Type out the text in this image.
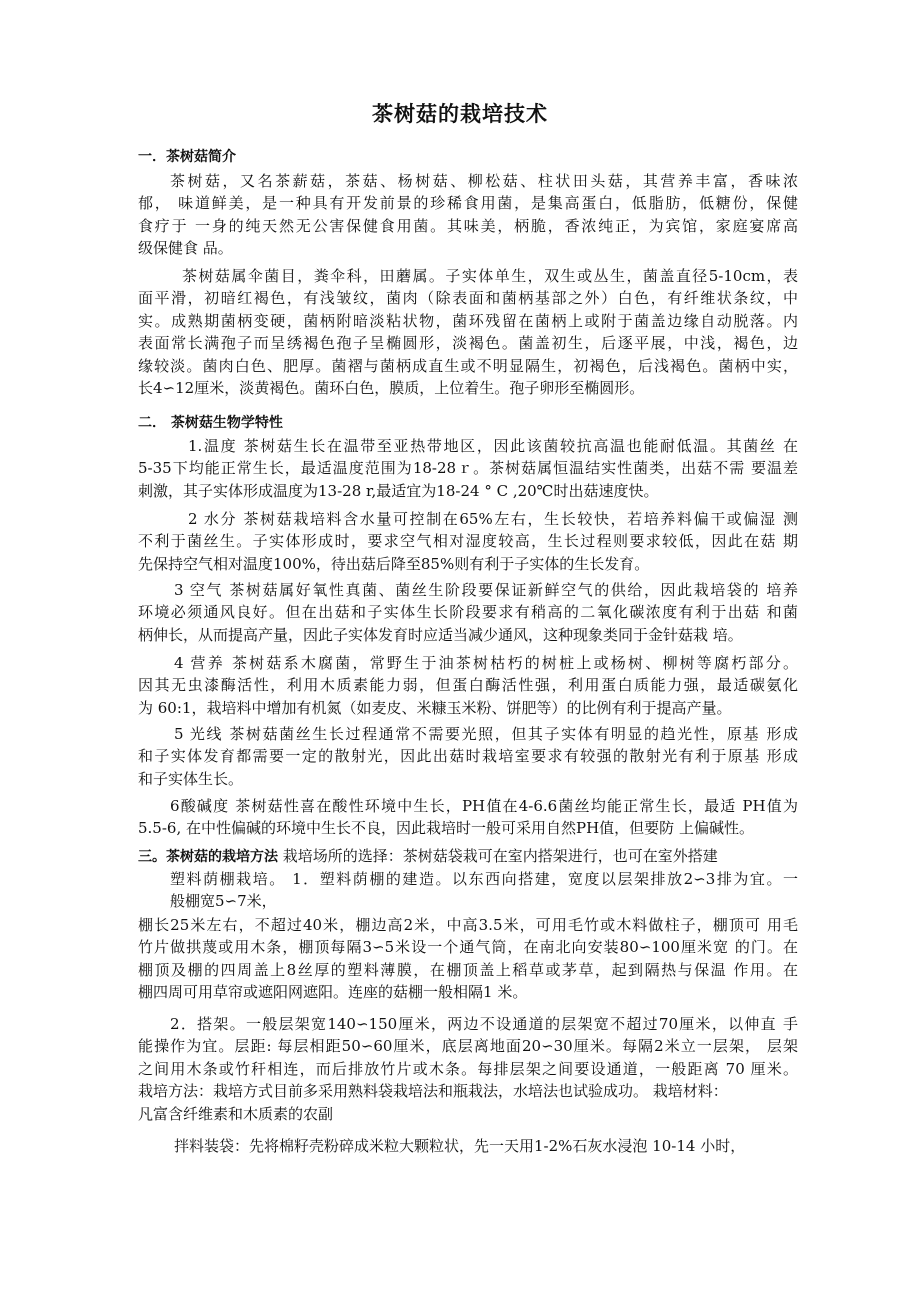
茶树菇的栽培技术
一．茶树菇简介
茶树菇，又名茶薪菇，茶菇、杨树菇、柳松菇、柱状田头菇，其营养丰富，香味浓
郁， 味道鲜美，是一种具有开发前景的珍稀食用菌，是集高蛋白，低脂肪，低糖份，保健
食疗于 一身的纯天然无公害保健食用菌。其味美，柄脆，香浓纯正，为宾馆，家庭宴席高
级保健食 品。
茶树菇属伞菌目，粪伞科，田蘑属。子实体单生，双生或丛生，菌盖直径5-10cm，表
面平滑，初暗红褐色，有浅皱纹，菌肉（除表面和菌柄基部之外）白色，有纤维状条纹，中
实。成熟期菌柄变硬，菌柄附暗淡粘状物，菌环残留在菌柄上或附于菌盖边缘自动脱落。内
表面常长满孢子而呈绣褐色孢子呈椭圆形，淡褐色。菌盖初生，后逐平展，中浅，褐色，边
缘较淡。菌肉白色、肥厚。菌褶与菌柄成直生或不明显隔生，初褐色，后浅褐色。菌柄中实，
长4∽12厘米，淡黄褐色。菌环白色，膜质，上位着生。孢子卵形至椭圆形。
二． 茶树菇生物学特性
1.温度 茶树菇生长在温带至亚热带地区，因此该菌较抗高温也能耐低温。其菌丝 在
5-35下均能正常生长，最适温度范围为18-28ｒ。茶树菇属恒温结实性菌类，出菇不需 要温差
刺激，其子实体形成温度为13-28 r,最适宜为18-24 ° C ,20℃时出菇速度快。
2 水分 茶树菇栽培料含水量可控制在65%左右，生长较快，若培养料偏干或偏湿 测
不利于菌丝生。子实体形成时，要求空气相对湿度较高，生长过程则要求较低，因此在菇 期
先保持空气相对温度100%，待出菇后降至85%则有利于子实体的生长发育。
3 空气 茶树菇属好氧性真菌、菌丝生阶段要保证新鲜空气的供给，因此栽培袋的 培养
环境必须通风良好。但在出菇和子实体生长阶段要求有稍高的二氧化碳浓度有利于出菇 和菌
柄伸长，从而提高产量，因此子实体发育时应适当减少通风，这种现象类同于金针菇栽 培。
4 营养 茶树菇系木腐菌，常野生于油茶树枯朽的树桩上或杨树、柳树等腐朽部分。
因其无虫漆酶活性，利用木质素能力弱，但蛋白酶活性强，利用蛋白质能力强，最适碳氨化
为 60:1，栽培料中增加有机氮（如麦皮、米糠玉米粉、饼肥等）的比例有利于提高产量。
5 光线 茶树菇菌丝生长过程通常不需要光照，但其子实体有明显的趋光性，原基 形成
和子实体发育都需要一定的散射光，因此出菇时栽培室要求有较强的散射光有利于原基 形成
和子实体生长。
6酸碱度 茶树菇性喜在酸性环境中生长，PH值在4-6.6菌丝均能正常生长，最适 PH值为
5.5-6, 在中性偏碱的环境中生长不良，因此栽培时一般可采用自然PH值，但要防 上偏碱性。
三。茶树菇的栽培方法 栽培场所的选择：茶树菇袋栽可在室内搭架进行，也可在室外搭建
塑料荫棚栽培。 1．塑料荫棚的建造。以东西向搭建，宽度以层架排放2∽3排为宜。一
般棚宽5∽7米，
棚长25米左右，不超过40米，棚边高2米，中高3.5米，可用毛竹或木料做柱子，棚顶可 用毛
竹片做拱蔑或用木条，棚顶每隔3∽5米设一个通气筒，在南北向安装80∽100厘米宽 的门。在
棚顶及棚的四周盖上8丝厚的塑料薄膜，在棚顶盖上稻草或茅草，起到隔热与保温 作用。在
棚四周可用草帘或遮阳网遮阳。连座的菇棚一般相隔1 米。
2．搭架。一般层架宽140∽150厘米，两边不设通道的层架宽不超过70厘米，以伸直 手
能操作为宜。层距: 每层相距50∽60厘米，底层离地面20∽30厘米。每隔2米立一层架， 层架
之间用木条或竹秆相连，而后排放竹片或木条。每排层架之间要设通道，一般距离 70 厘米。
栽培方法：栽培方式目前多采用熟料袋栽培法和瓶栽法，水培法也试验成功。 栽培材料：
凡富含纤维素和木质素的农副
拌料装袋：先将棉籽壳粉碎成米粒大颗粒状，先一天用1-2%石灰水浸泡 10-14 小时，
